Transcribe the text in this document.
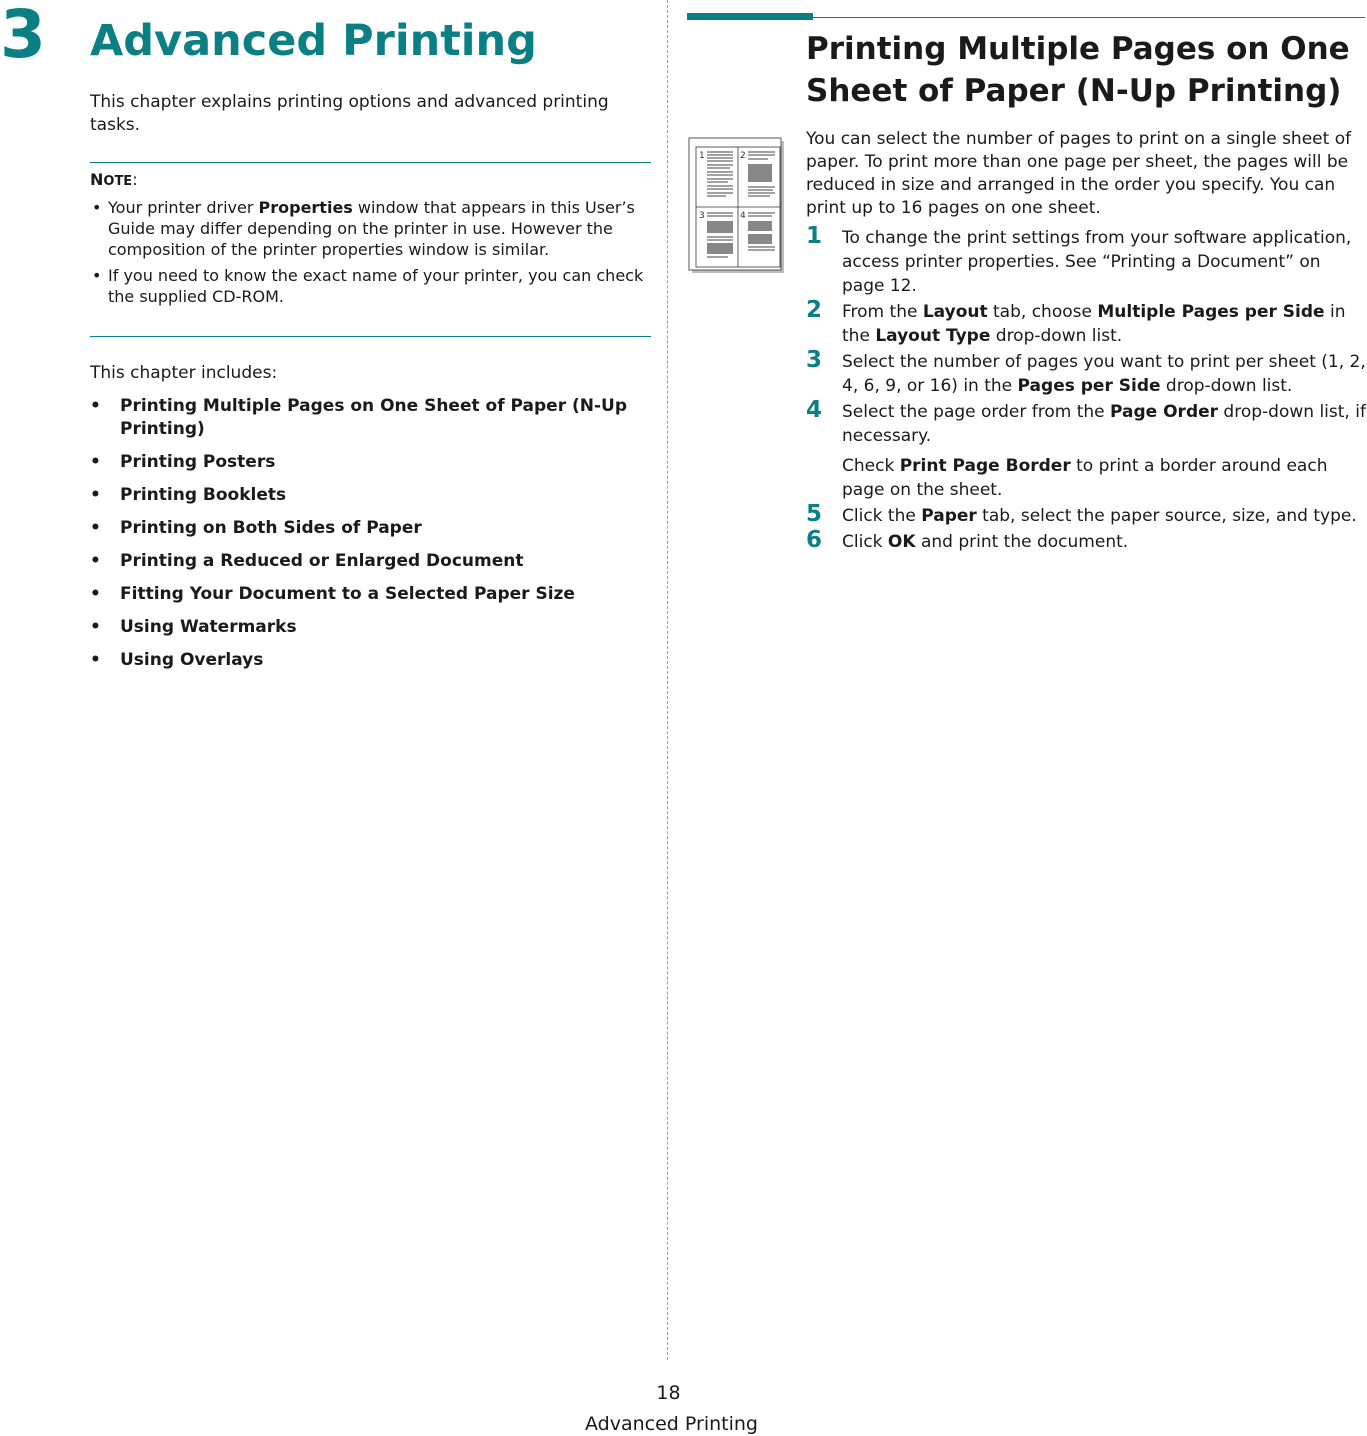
3 Advanced Printing

This chapter explains printing options and advanced printing tasks.

NOTE:

• Your printer driver Properties window that appears in this User’s Guide may differ depending on the printer in use. However the composition of the printer properties window is similar.
• If you need to know the exact name of your printer, you can check the supplied CD-ROM.

This chapter includes:

• Printing Multiple Pages on One Sheet of Paper (N-Up Printing)
• Printing Posters
• Printing Booklets
• Printing on Both Sides of Paper
• Printing a Reduced or Enlarged Document
• Fitting Your Document to a Selected Paper Size
• Using Watermarks
• Using Overlays
Printing Multiple Pages on One Sheet of Paper (N-Up Printing)
1	2
3	4

You can select the number of pages to print on a single sheet of paper. To print more than one page per sheet, the pages will be reduced in size and arranged in the order you specify. You can print up to 16 pages on one sheet.

1 To change the print settings from your software application, access printer properties. See “Printing a Document” on page 12.

2 From the Layout tab, choose Multiple Pages per Side in the Layout Type drop-down list.

3 Select the number of pages you want to print per sheet (1, 2, 4, 6, 9, or 16) in the Pages per Side drop-down list.

4 Select the page order from the Page Order drop-down list, if necessary.

Check Print Page Border to print a border around each page on the sheet.

5 Click the Paper tab, select the paper source, size, and type.

6 Click OK and print the document.

18
Advanced Printing
